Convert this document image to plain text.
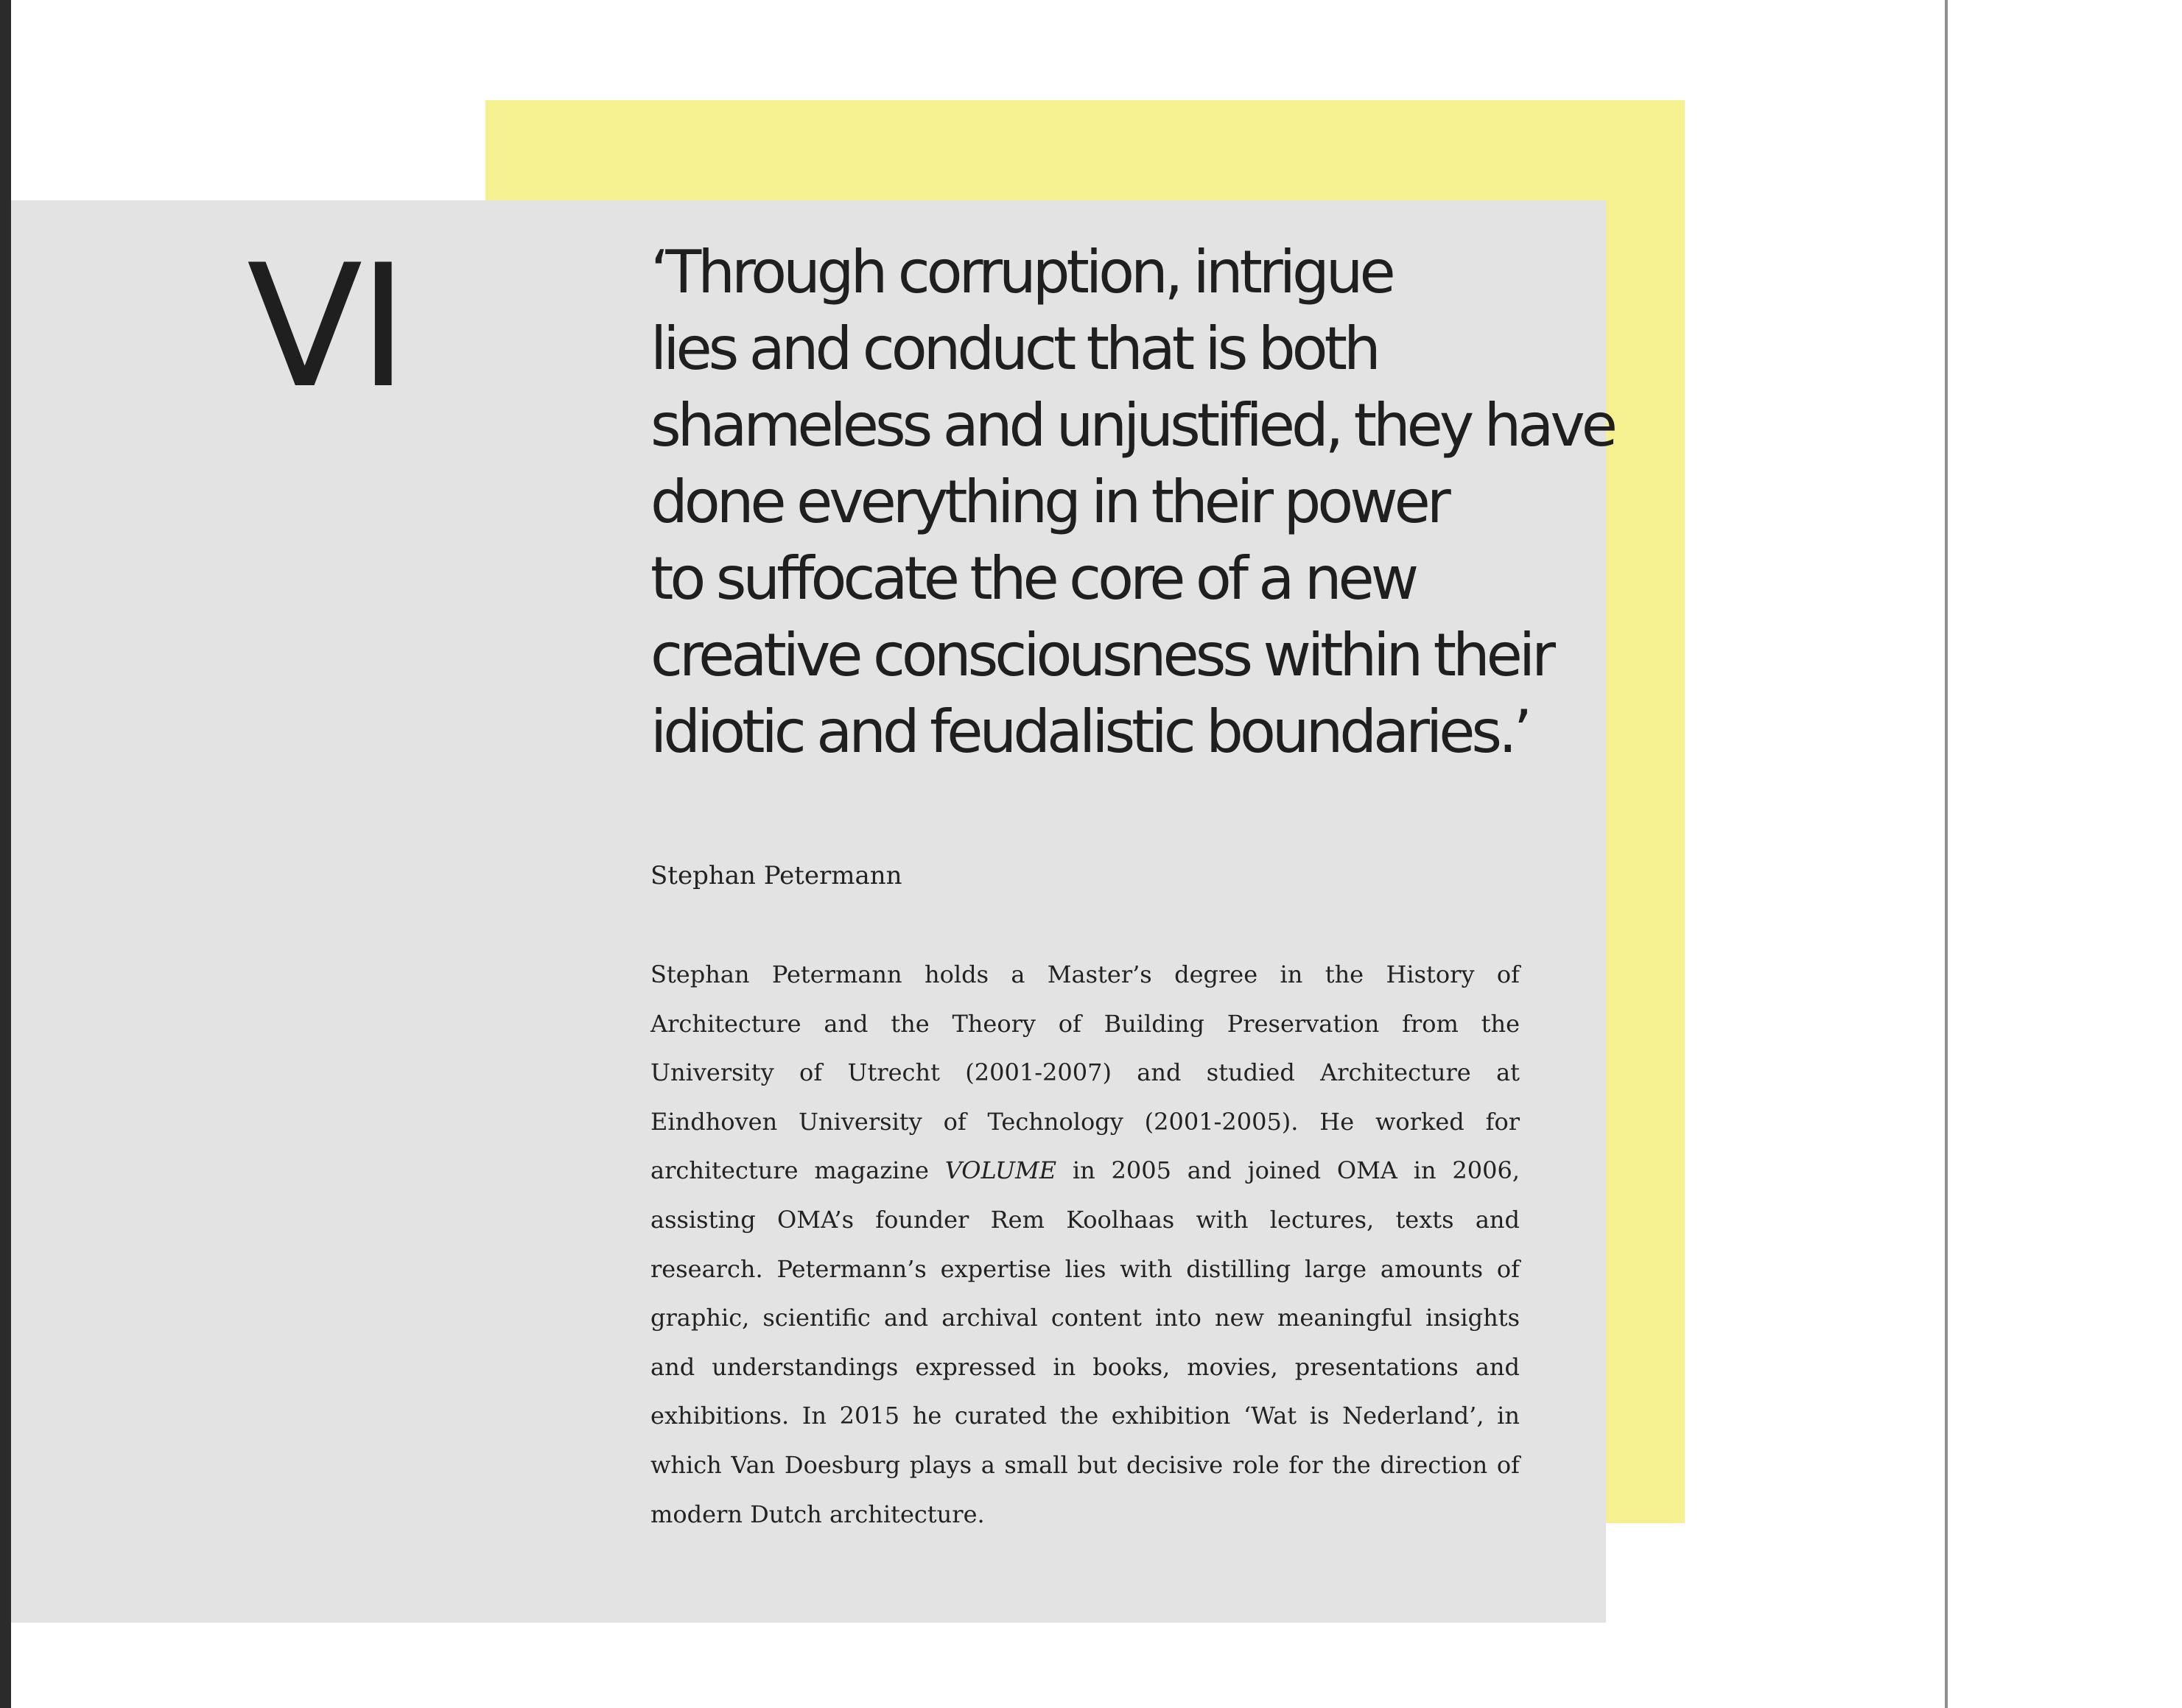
VI	‘Through corruption, intrigue
lies and conduct that is both
shameless and unjustified, they have
done everything in their power
to suffocate the core of a new
creative consciousness within their
idiotic and feudalistic boundaries.’

Stephan Petermann

Stephan Petermann holds a Master’s degree in the History of
Architecture and the Theory of Building Preservation from the
University of Utrecht (2001-2007) and studied Architecture at
Eindhoven University of Technology (2001-2005). He worked for
architecture magazine VOLUME in 2005 and joined OMA in 2006,
assisting OMA’s founder Rem Koolhaas with lectures, texts and
research. Petermann’s expertise lies with distilling large amounts of
graphic, scientific and archival content into new meaningful insights
and understandings expressed in books, movies, presentations and
exhibitions. In 2015 he curated the exhibition ‘Wat is Nederland’, in
which Van Doesburg plays a small but decisive role for the direction of
modern Dutch architecture.
